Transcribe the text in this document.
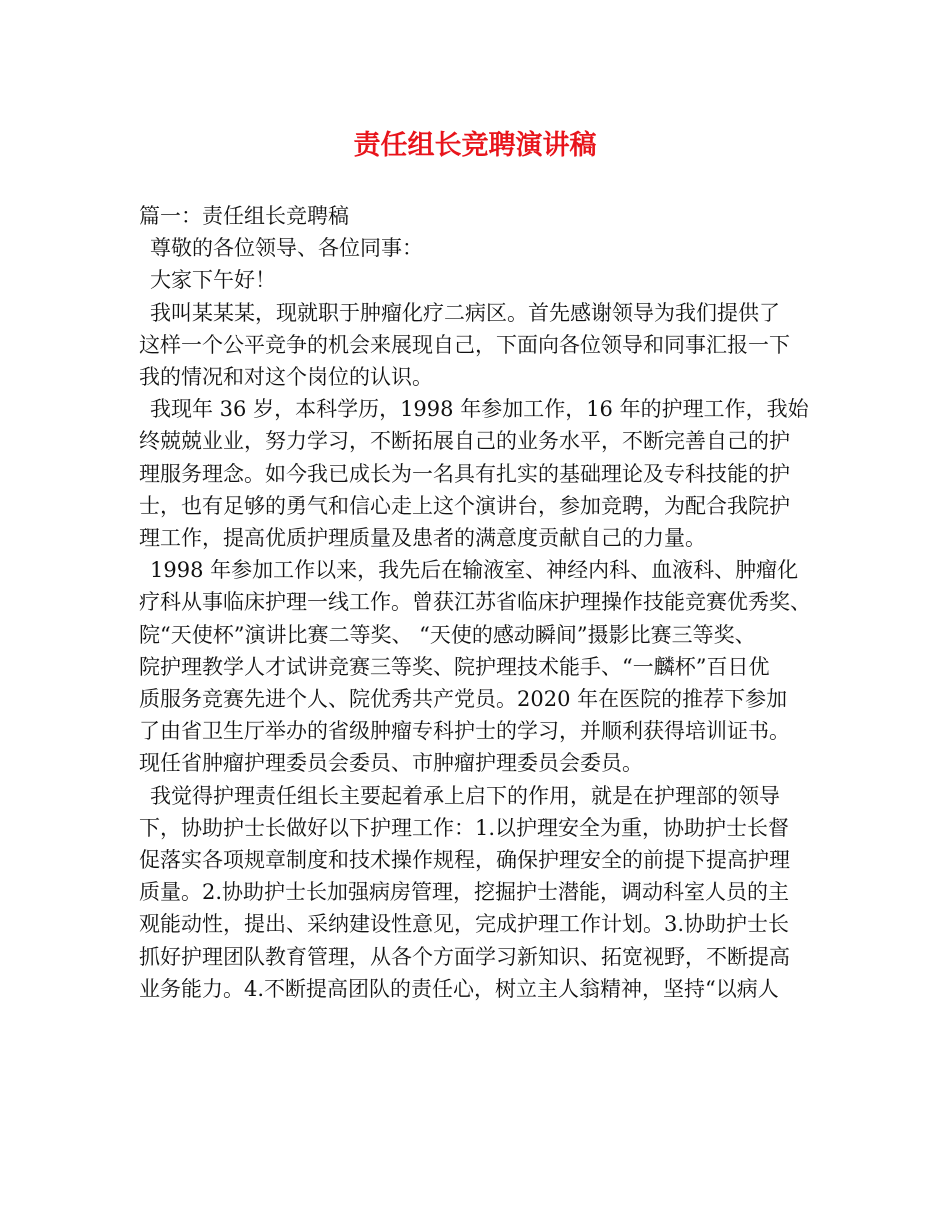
责任组长竞聘演讲稿
篇一：责任组长竞聘稿
尊敬的各位领导、各位同事：
大家下午好！
我叫某某某，现就职于肿瘤化疗二病区。首先感谢领导为我们提供了
这样一个公平竞争的机会来展现自己，下面向各位领导和同事汇报一下
我的情况和对这个岗位的认识。
我现年 36 岁，本科学历，1998 年参加工作，16 年的护理工作，我始
终兢兢业业，努力学习，不断拓展自己的业务水平，不断完善自己的护
理服务理念。如今我已成长为一名具有扎实的基础理论及专科技能的护
士，也有足够的勇气和信心走上这个演讲台，参加竞聘，为配合我院护
理工作，提高优质护理质量及患者的满意度贡献自己的力量。
1998 年参加工作以来，我先后在输液室、神经内科、血液科、肿瘤化
疗科从事临床护理一线工作。曾获江苏省临床护理操作技能竞赛优秀奖、
院“天使杯”演讲比赛二等奖、 “天使的感动瞬间”摄影比赛三等奖、
院护理教学人才试讲竞赛三等奖、院护理技术能手、“一麟杯”百日优
质服务竞赛先进个人、院优秀共产党员。2020 年在医院的推荐下参加
了由省卫生厅举办的省级肿瘤专科护士的学习，并顺利获得培训证书。
现任省肿瘤护理委员会委员、市肿瘤护理委员会委员。
我觉得护理责任组长主要起着承上启下的作用，就是在护理部的领导
下，协助护士长做好以下护理工作：1.以护理安全为重，协助护士长督
促落实各项规章制度和技术操作规程，确保护理安全的前提下提高护理
质量。2.协助护士长加强病房管理，挖掘护士潜能，调动科室人员的主
观能动性，提出、采纳建设性意见，完成护理工作计划。3.协助护士长
抓好护理团队教育管理，从各个方面学习新知识、拓宽视野，不断提高
业务能力。4.不断提高团队的责任心，树立主人翁精神，坚持“以病人
